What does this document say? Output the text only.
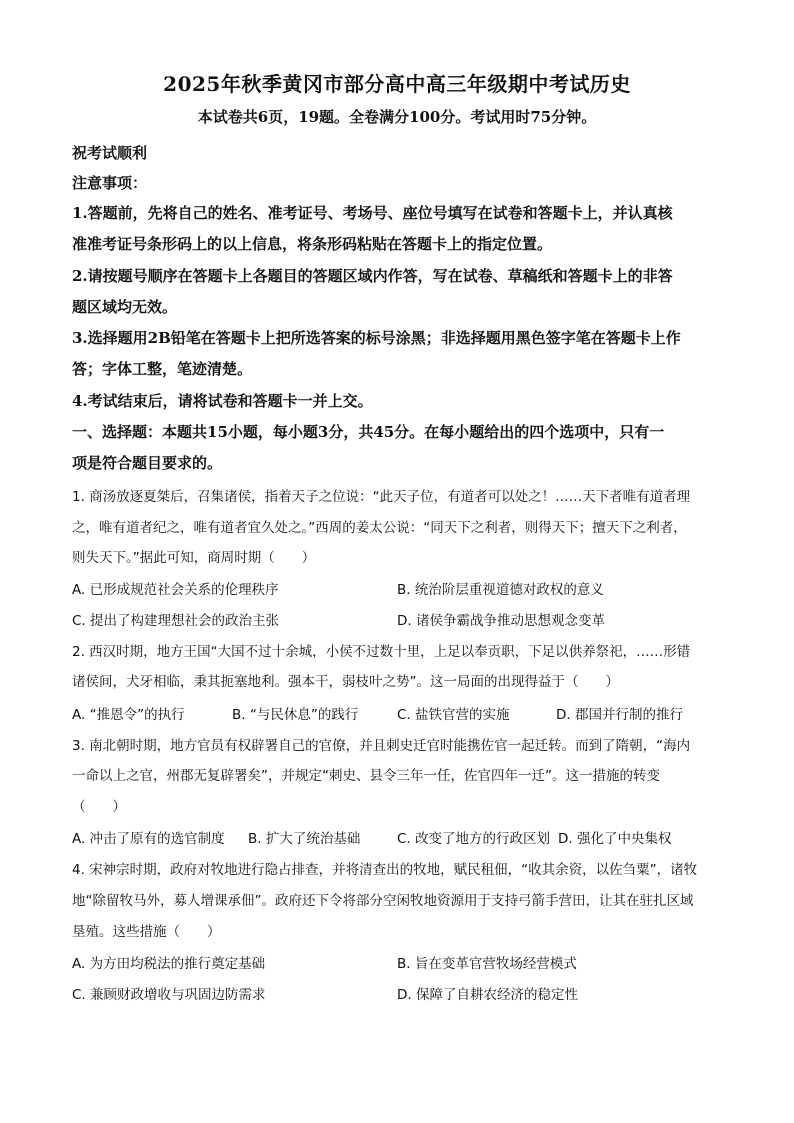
2025年秋季黄冈市部分高中高三年级期中考试历史
本试卷共6页，19题。全卷满分100分。考试用时75分钟。
祝考试顺利
注意事项：
1.答题前，先将自己的姓名、准考证号、考场号、座位号填写在试卷和答题卡上，并认真核
准准考证号条形码上的以上信息，将条形码粘贴在答题卡上的指定位置。
2.请按题号顺序在答题卡上各题目的答题区域内作答，写在试卷、草稿纸和答题卡上的非答
题区域均无效。
3.选择题用2B铅笔在答题卡上把所选答案的标号涂黑；非选择题用黑色签字笔在答题卡上作
答；字体工整，笔迹清楚。
4.考试结束后，请将试卷和答题卡一并上交。
一、选择题：本题共15小题，每小题3分，共45分。在每小题给出的四个选项中，只有一
项是符合题目要求的。
1. 商汤放逐夏桀后，召集诸侯，指着天子之位说：“此天子位，有道者可以处之！……天下者唯有道者理
之，唯有道者纪之，唯有道者宜久处之。”西周的姜太公说：“同天下之利者，则得天下；擅天下之利者，
则失天下。”据此可知，商周时期（　　）
A. 已形成规范社会关系的伦理秩序	B. 统治阶层重视道德对政权的意义
C. 提出了构建理想社会的政治主张	D. 诸侯争霸战争推动思想观念变革
2. 西汉时期，地方王国“大国不过十余城，小侯不过数十里，上足以奉贡职，下足以供养祭祀，……形错
诸侯间，犬牙相临，秉其扼塞地利。强本干，弱枝叶之势”。这一局面的出现得益于（　　）
A. “推恩令”的执行	B. “与民休息”的践行	C. 盐铁官营的实施	D. 郡国并行制的推行
3. 南北朝时期，地方官员有权辟署自己的官僚，并且刺史迁官时能携佐官一起迁转。而到了隋朝，“海内
一命以上之官，州郡无复辟署矣”，并规定“刺史、县令三年一任，佐官四年一迁”。这一措施的转变
（　　）
A. 冲击了原有的选官制度 B. 扩大了统治基础	C. 改变了地方的行政区划 D. 强化了中央集权
4. 宋神宗时期，政府对牧地进行隐占排查，并将清查出的牧地，赋民租佃，“收其余资，以佐刍粟”，诸牧
地“除留牧马外，募人增课承佃”。政府还下令将部分空闲牧地资源用于支持弓箭手营田，让其在驻扎区域
垦殖。这些措施（　　）
A. 为方田均税法的推行奠定基础	B. 旨在变革官营牧场经营模式
C. 兼顾财政增收与巩固边防需求	D. 保障了自耕农经济的稳定性
